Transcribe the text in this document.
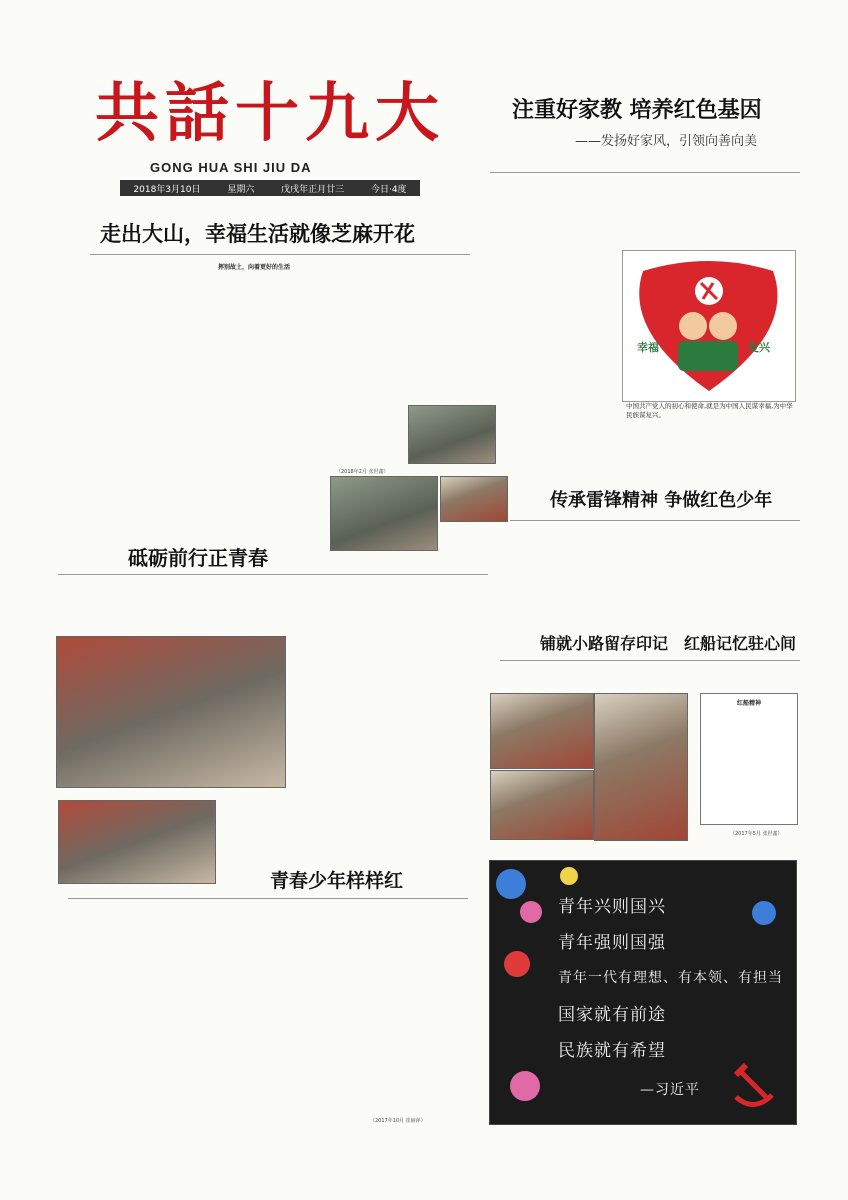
共話十九大
GONG HUA SHI JIU DA
2018年3月10日	星期六	戊戌年正月廿三	今日·4度
注重好家教 培养红色基因
——发扬好家风，引领向善向美
幸福	复兴
中国共产党人的初心和使命,就是为中国人民谋幸福,为中华民族谋复兴。
走出大山，幸福生活就像芝麻开花
挥别故土，向着更好的生活
（2018年2月 张世鑫）
传承雷锋精神 争做红色少年
砥砺前行正青春
铺就小路留存印记　红船记忆驻心间
红船精神
（2017年5月 张世鑫）
青春少年样样红
（2017年10月 崔丽萍）
青年兴则国兴
青年强则国强
青年一代有理想、有本领、有担当
国家就有前途
民族就有希望
—习近平
